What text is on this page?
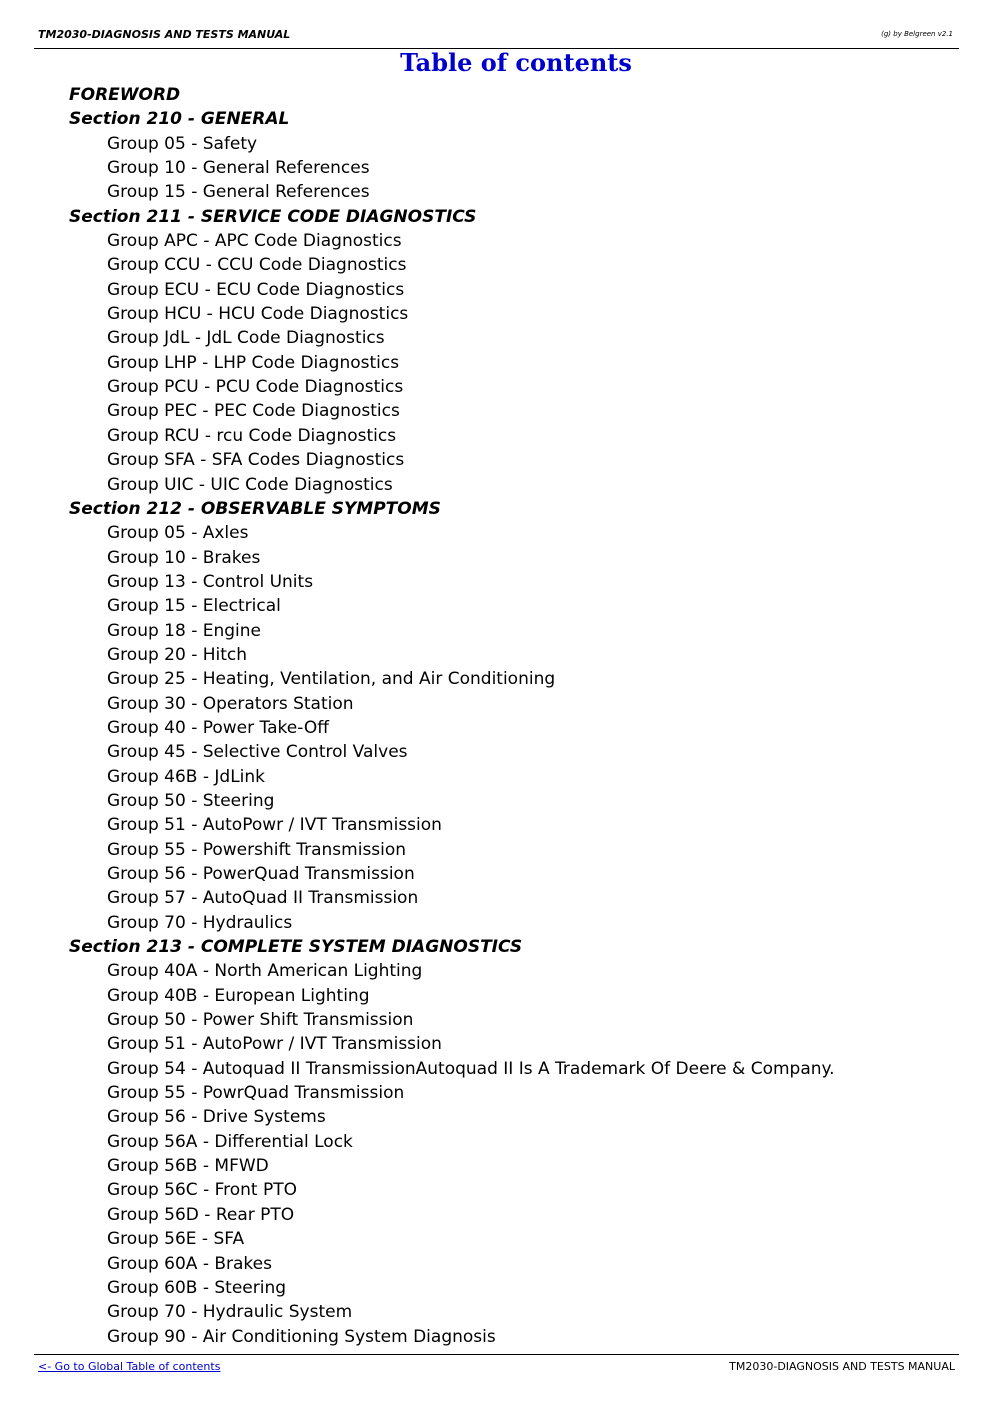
TM2030-DIAGNOSIS AND TESTS MANUAL	(g) by Belgreen v2.1
Table of contents
FOREWORD
Section 210 - GENERAL
Group 05 - Safety
Group 10 - General References
Group 15 - General References
Section 211 - SERVICE CODE DIAGNOSTICS
Group APC - APC Code Diagnostics
Group CCU - CCU Code Diagnostics
Group ECU - ECU Code Diagnostics
Group HCU - HCU Code Diagnostics
Group JdL - JdL Code Diagnostics
Group LHP - LHP Code Diagnostics
Group PCU - PCU Code Diagnostics
Group PEC - PEC Code Diagnostics
Group RCU - rcu Code Diagnostics
Group SFA - SFA Codes Diagnostics
Group UIC - UIC Code Diagnostics
Section 212 - OBSERVABLE SYMPTOMS
Group 05 - Axles
Group 10 - Brakes
Group 13 - Control Units
Group 15 - Electrical
Group 18 - Engine
Group 20 - Hitch
Group 25 - Heating, Ventilation, and Air Conditioning
Group 30 - Operators Station
Group 40 - Power Take-Off
Group 45 - Selective Control Valves
Group 46B - JdLink
Group 50 - Steering
Group 51 - AutoPowr / IVT Transmission
Group 55 - Powershift Transmission
Group 56 - PowerQuad Transmission
Group 57 - AutoQuad II Transmission
Group 70 - Hydraulics
Section 213 - COMPLETE SYSTEM DIAGNOSTICS
Group 40A - North American Lighting
Group 40B - European Lighting
Group 50 - Power Shift Transmission
Group 51 - AutoPowr / IVT Transmission
Group 54 - Autoquad II TransmissionAutoquad II Is A Trademark Of Deere & Company.
Group 55 - PowrQuad Transmission
Group 56 - Drive Systems
Group 56A - Differential Lock
Group 56B - MFWD
Group 56C - Front PTO
Group 56D - Rear PTO
Group 56E - SFA
Group 60A - Brakes
Group 60B - Steering
Group 70 - Hydraulic System
Group 90 - Air Conditioning System Diagnosis
<- Go to Global Table of contents	TM2030-DIAGNOSIS AND TESTS MANUAL
